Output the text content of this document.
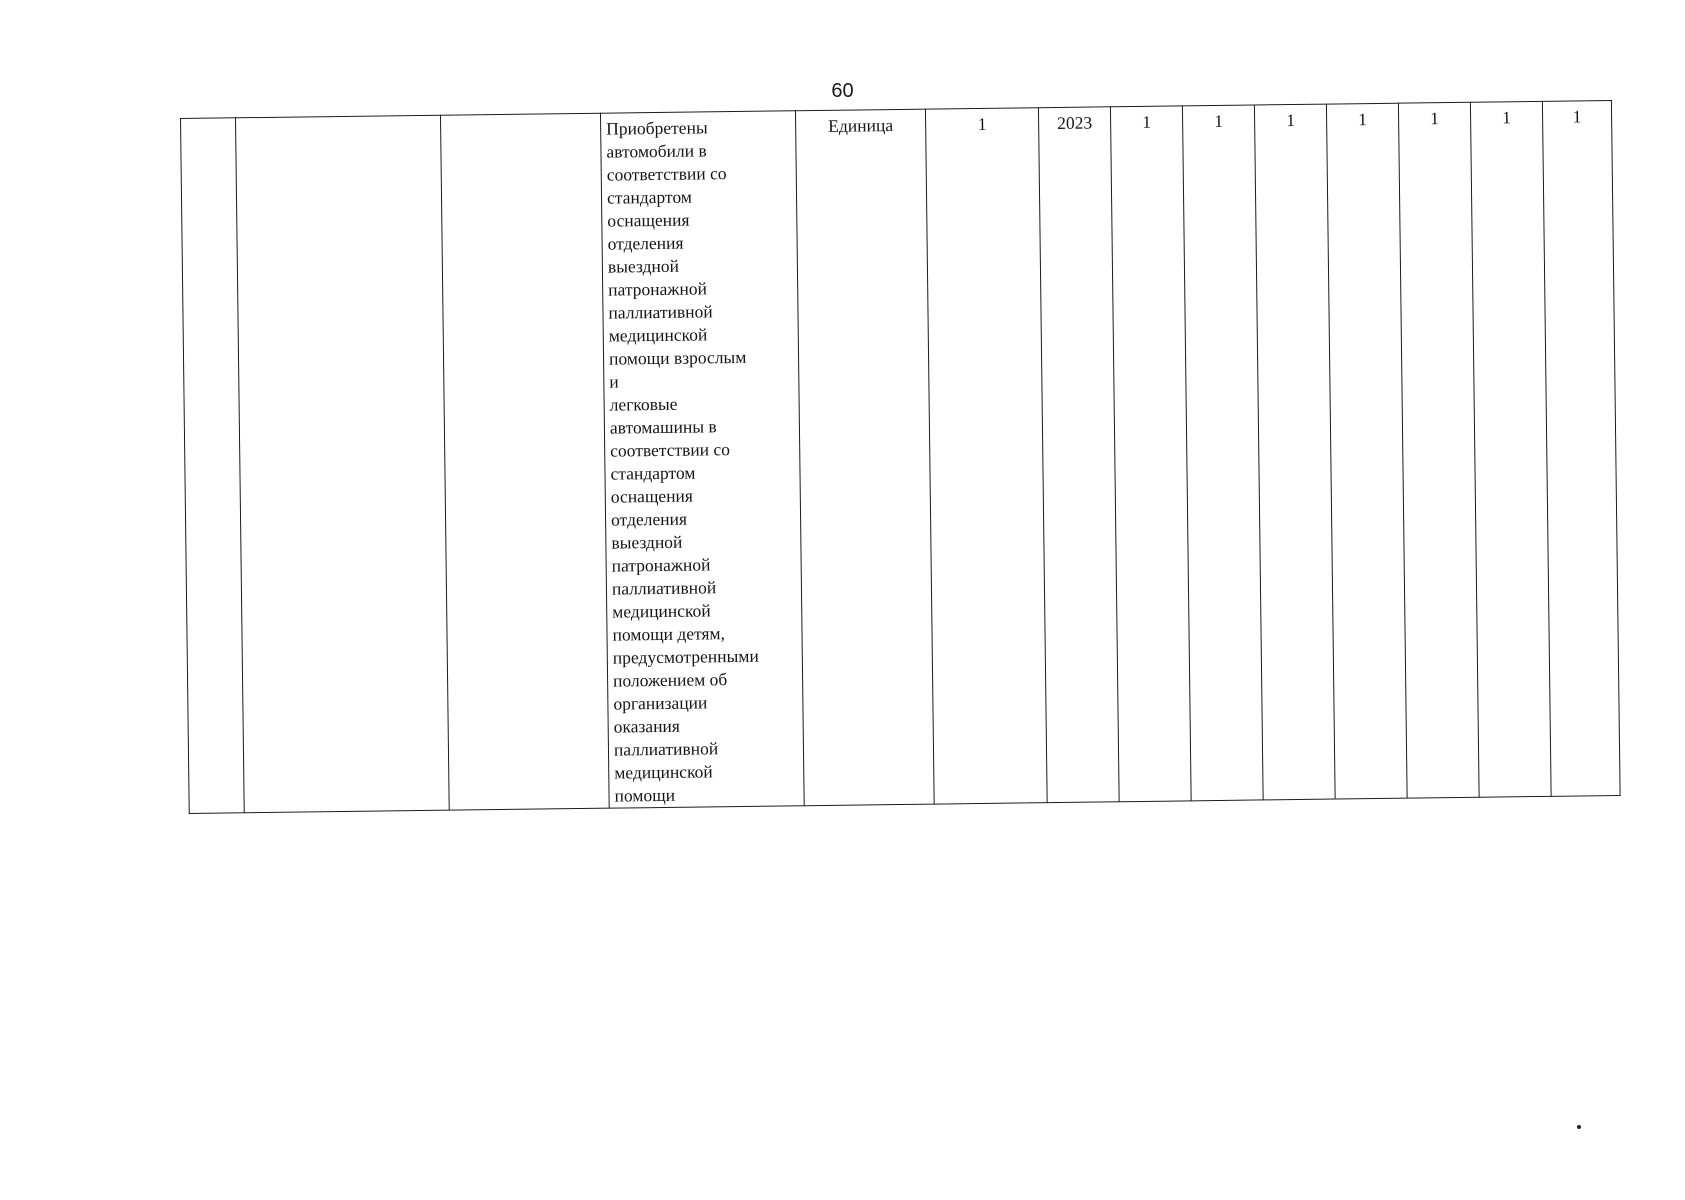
60
			Приобретены
автомобили в
соответствии со
стандартом
оснащения
отделения
выездной
патронажной
паллиативной
медицинской
помощи взрослым
и
легковые
автомашины в
соответствии со
стандартом
оснащения
отделения
выездной
патронажной
паллиативной
медицинской
помощи детям,
предусмотренными
положением об
организации
оказания
паллиативной
медицинской
помощи	Единица	1	2023	1	1	1	1	1	1	1
